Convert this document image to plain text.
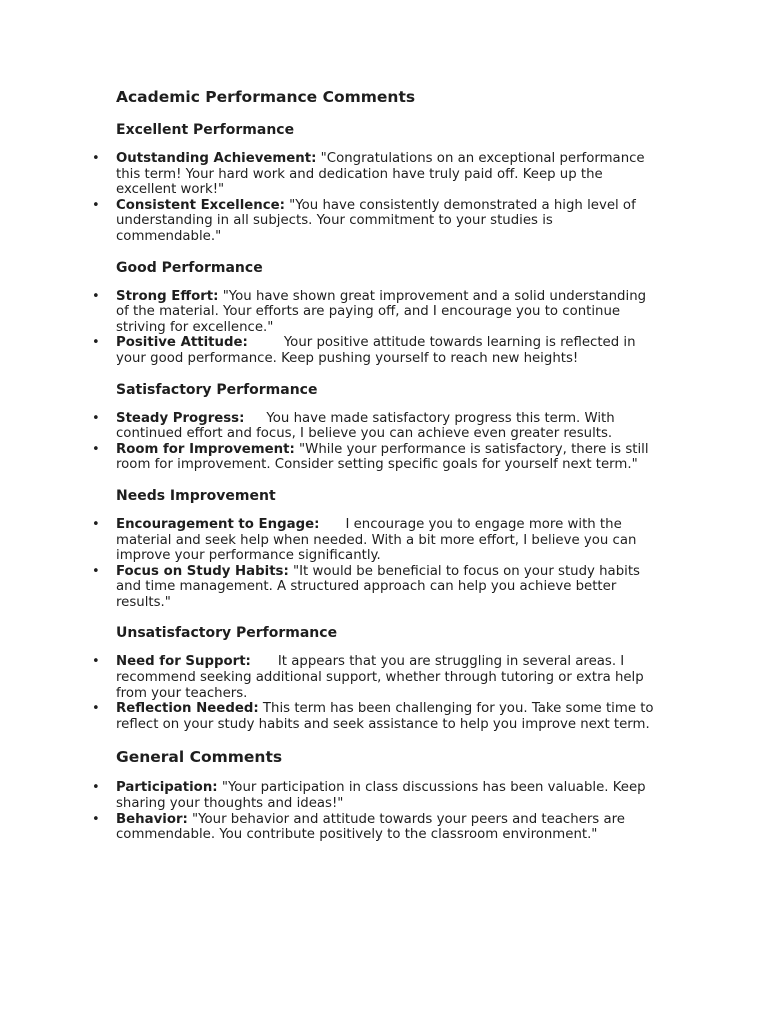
Academic Performance Comments
Excellent Performance
• Outstanding Achievement: "Congratulations on an exceptional performance this term! Your hard work and dedication have truly paid off. Keep up the excellent work!"
• Consistent Excellence: "You have consistently demonstrated a high level of understanding in all subjects. Your commitment to your studies is commendable."
Good Performance
• Strong Effort: "You have shown great improvement and a solid understanding of the material. Your efforts are paying off, and I encourage you to continue striving for excellence."
• Positive Attitude:	Your positive attitude towards learning is reflected in your good performance. Keep pushing yourself to reach new heights!
Satisfactory Performance
• Steady Progress: You have made satisfactory progress this term. With continued effort and focus, I believe you can achieve even greater results.
• Room for Improvement: "While your performance is satisfactory, there is still room for improvement. Consider setting specific goals for yourself next term."
Needs Improvement
• Encouragement to Engage: I encourage you to engage more with the material and seek help when needed. With a bit more effort, I believe you can improve your performance significantly.
• Focus on Study Habits: "It would be beneficial to focus on your study habits and time management. A structured approach can help you achieve better results."
Unsatisfactory Performance
• Need for Support: It appears that you are struggling in several areas. I recommend seeking additional support, whether through tutoring or extra help from your teachers.
• Reflection Needed: This term has been challenging for you. Take some time to reflect on your study habits and seek assistance to help you improve next term.
General Comments
• Participation: "Your participation in class discussions has been valuable. Keep sharing your thoughts and ideas!"
• Behavior: "Your behavior and attitude towards your peers and teachers are commendable. You contribute positively to the classroom environment."
